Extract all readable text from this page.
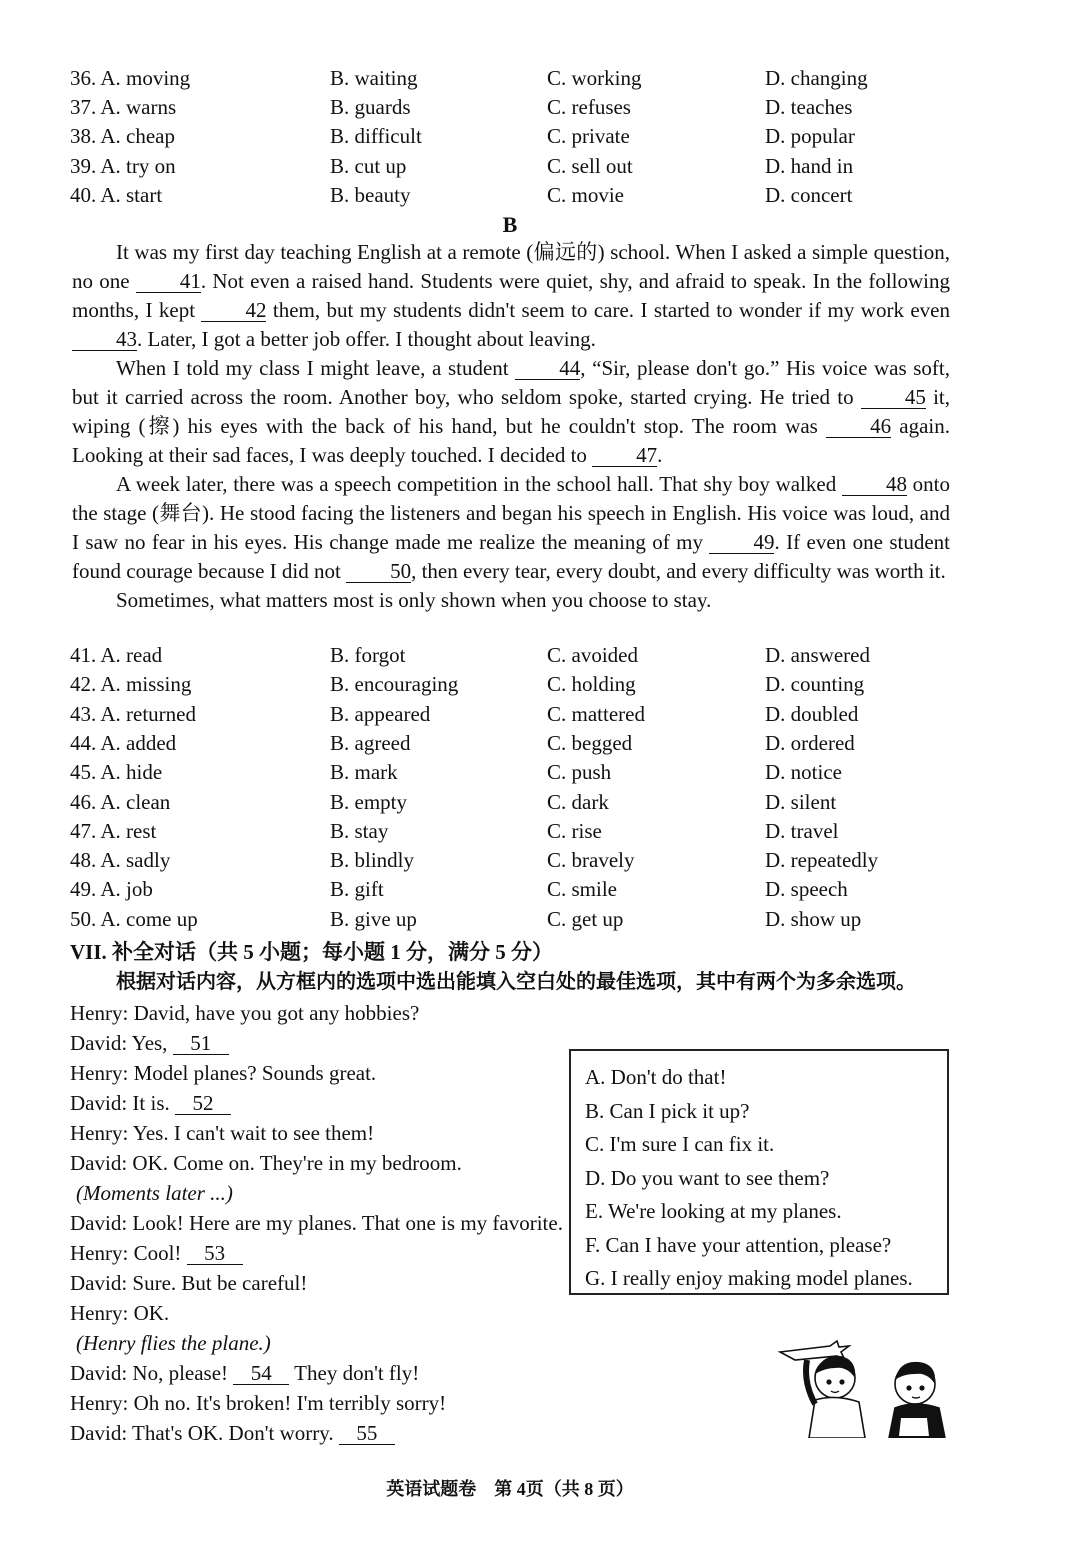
36. A. moving	B. waiting	C. working	D. changing
37. A. warns	B. guards	C. refuses	D. teaches
38. A. cheap	B. difficult	C. private	D. popular
39. A. try on	B. cut up	C. sell out	D. hand in
40. A. start	B. beauty	C. movie	D. concert
B

It was my first day teaching English at a remote (偏远的) school. When I asked a simple question, no one 41. Not even a raised hand. Students were quiet, shy, and afraid to speak. In the following months, I kept 42 them, but my students didn't seem to care. I started to wonder if my work even 43. Later, I got a better job offer. I thought about leaving.

When I told my class I might leave, a student 44, “Sir, please don't go.” His voice was soft, but it carried across the room. Another boy, who seldom spoke, started crying. He tried to 45 it, wiping (擦) his eyes with the back of his hand, but he couldn't stop. The room was 46 again. Looking at their sad faces, I was deeply touched. I decided to 47.

A week later, there was a speech competition in the school hall. That shy boy walked 48 onto the stage (舞台). He stood facing the listeners and began his speech in English. His voice was loud, and I saw no fear in his eyes. His change made me realize the meaning of my 49. If even one student found courage because I did not 50, then every tear, every doubt, and every difficulty was worth it.

Sometimes, what matters most is only shown when you choose to stay.

41. A. read	B. forgot	C. avoided	D. answered
42. A. missing	B. encouraging	C. holding	D. counting
43. A. returned	B. appeared	C. mattered	D. doubled
44. A. added	B. agreed	C. begged	D. ordered
45. A. hide	B. mark	C. push	D. notice
46. A. clean	B. empty	C. dark	D. silent
47. A. rest	B. stay	C. rise	D. travel
48. A. sadly	B. blindly	C. bravely	D. repeatedly
49. A. job	B. gift	C. smile	D. speech
50. A. come up	B. give up	C. get up	D. show up
VII. 补全对话（共 5 小题；每小题 1 分，满分 5 分）
根据对话内容，从方框内的选项中选出能填入空白处的最佳选项，其中有两个为多余选项。
Henry: David, have you got any hobbies?
David: Yes, 51
Henry: Model planes? Sounds great.
David: It is. 52
Henry: Yes. I can't wait to see them!
David: OK. Come on. They're in my bedroom.
(Moments later ...)
David: Look! Here are my planes. That one is my favorite.
Henry: Cool! 53
David: Sure. But be careful!
Henry: OK.
(Henry flies the plane.)
David: No, please! 54 They don't fly!
Henry: Oh no. It's broken! I'm terribly sorry!
David: That's OK. Don't worry. 55
A. Don't do that!
B. Can I pick it up?
C. I'm sure I can fix it.
D. Do you want to see them?
E. We're looking at my planes.
F. Can I have your attention, please?
G. I really enjoy making model planes.
英语试题卷　第 4页（共 8 页）
